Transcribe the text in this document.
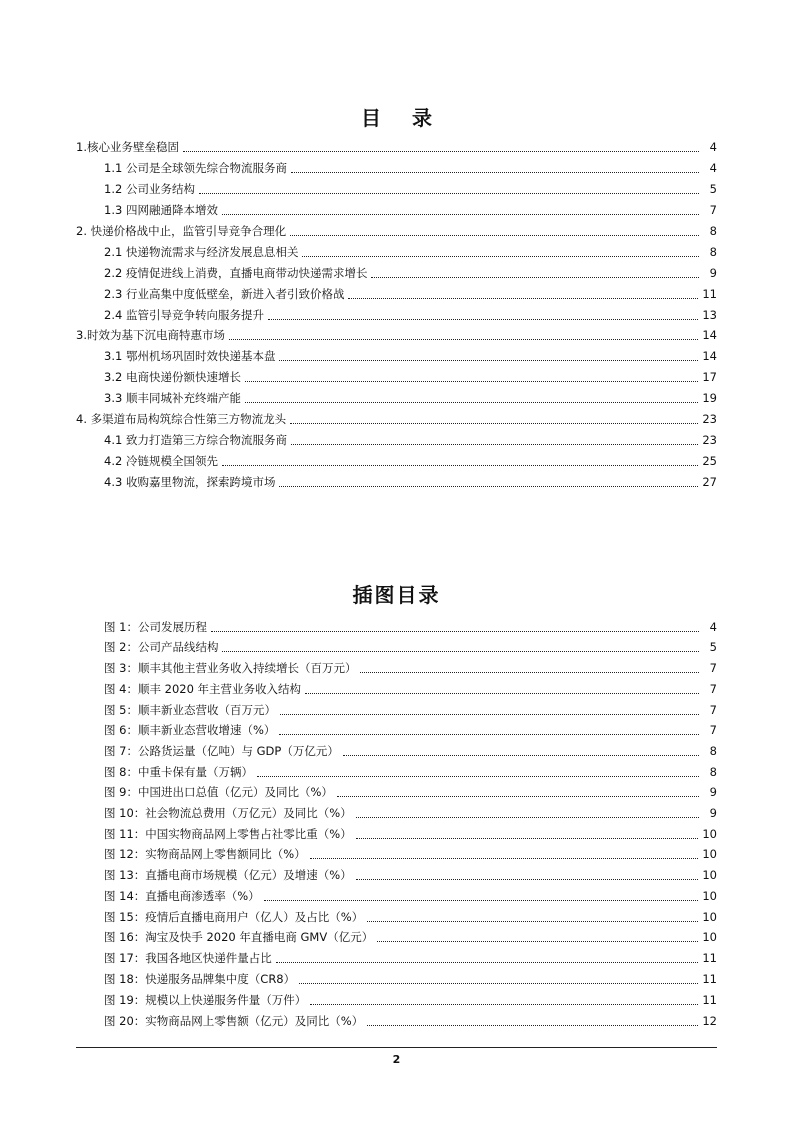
目 录
1.核心业务壁垒稳固	4
1.1 公司是全球领先综合物流服务商	4
1.2 公司业务结构	5
1.3 四网融通降本增效	7
2. 快递价格战中止，监管引导竞争合理化	8
2.1 快递物流需求与经济发展息息相关	8
2.2 疫情促进线上消费，直播电商带动快递需求增长	9
2.3 行业高集中度低壁垒，新进入者引致价格战	11
2.4 监管引导竞争转向服务提升	13
3.时效为基下沉电商特惠市场	14
3.1 鄂州机场巩固时效快递基本盘	14
3.2 电商快递份额快速增长	17
3.3 顺丰同城补充终端产能	19
4. 多渠道布局构筑综合性第三方物流龙头	23
4.1 致力打造第三方综合物流服务商	23
4.2 冷链规模全国领先	25
4.3 收购嘉里物流，探索跨境市场	27
插图目录
图 1：公司发展历程	4
图 2：公司产品线结构	5
图 3：顺丰其他主营业务收入持续增长（百万元）	7
图 4：顺丰 2020 年主营业务收入结构	7
图 5：顺丰新业态营收（百万元）	7
图 6：顺丰新业态营收增速（%）	7
图 7：公路货运量（亿吨）与 GDP（万亿元）	8
图 8：中重卡保有量（万辆）	8
图 9：中国进出口总值（亿元）及同比（%）	9
图 10：社会物流总费用（万亿元）及同比（%）	9
图 11：中国实物商品网上零售占社零比重（%）	10
图 12：实物商品网上零售额同比（%）	10
图 13：直播电商市场规模（亿元）及增速（%）	10
图 14：直播电商渗透率（%）	10
图 15：疫情后直播电商用户（亿人）及占比（%）	10
图 16：淘宝及快手 2020 年直播电商 GMV（亿元）	10
图 17：我国各地区快递件量占比	11
图 18：快递服务品牌集中度（CR8）	11
图 19：规模以上快递服务件量（万件）	11
图 20：实物商品网上零售额（亿元）及同比（%）	12
2
